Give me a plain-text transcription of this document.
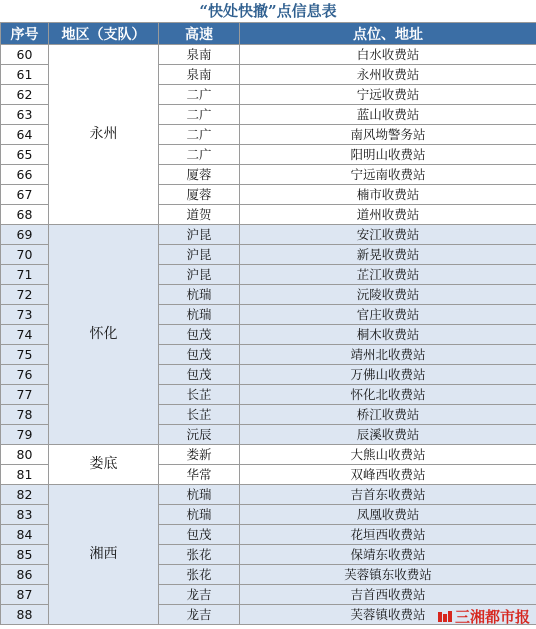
“快处快撤”点信息表
序号	地区（支队）	高速	点位、地址
60	永州	泉南	白水收费站
61		泉南	永州收费站
62		二广	宁远收费站
63		二广	蓝山收费站
64		二广	南风坳警务站
65		二广	阳明山收费站
66		厦蓉	宁远南收费站
67		厦蓉	楠市收费站
68		道贺	道州收费站
69	怀化	沪昆	安江收费站
70		沪昆	新晃收费站
71		沪昆	芷江收费站
72		杭瑞	沅陵收费站
73		杭瑞	官庄收费站
74		包茂	桐木收费站
75		包茂	靖州北收费站
76		包茂	万佛山收费站
77		长芷	怀化北收费站
78		长芷	桥江收费站
79		沅辰	辰溪收费站
80	娄底	娄新	大熊山收费站
81		华常	双峰西收费站
82	湘西	杭瑞	吉首东收费站
83		杭瑞	凤凰收费站
84		包茂	花垣西收费站
85		张花	保靖东收费站
86		张花	芙蓉镇东收费站
87		龙吉	吉首西收费站
88		龙吉	芙蓉镇收费站 三湘都市报
